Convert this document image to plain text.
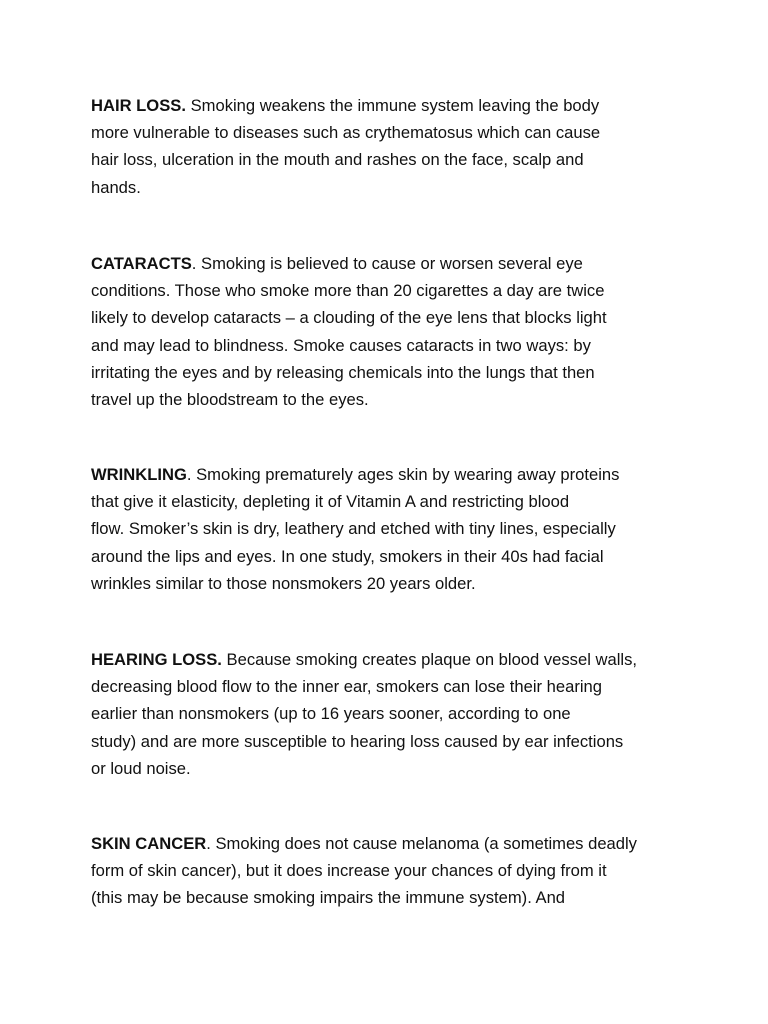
HAIR LOSS. Smoking weakens the immune system leaving the body
more vulnerable to diseases such as crythematosus which can cause
hair loss, ulceration in the mouth and rashes on the face, scalp and
hands.

CATARACTS. Smoking is believed to cause or worsen several eye
conditions. Those who smoke more than 20 cigarettes a day are twice
likely to develop cataracts – a clouding of the eye lens that blocks light
and may lead to blindness. Smoke causes cataracts in two ways: by
irritating the eyes and by releasing chemicals into the lungs that then
travel up the bloodstream to the eyes.

WRINKLING. Smoking prematurely ages skin by wearing away proteins
that give it elasticity, depleting it of Vitamin A and restricting blood
flow. Smoker’s skin is dry, leathery and etched with tiny lines, especially
around the lips and eyes. In one study, smokers in their 40s had facial
wrinkles similar to those nonsmokers 20 years older.

HEARING LOSS. Because smoking creates plaque on blood vessel walls,
decreasing blood flow to the inner ear, smokers can lose their hearing
earlier than nonsmokers (up to 16 years sooner, according to one
study) and are more susceptible to hearing loss caused by ear infections
or loud noise.

SKIN CANCER. Smoking does not cause melanoma (a sometimes deadly
form of skin cancer), but it does increase your chances of dying from it
(this may be because smoking impairs the immune system). And
